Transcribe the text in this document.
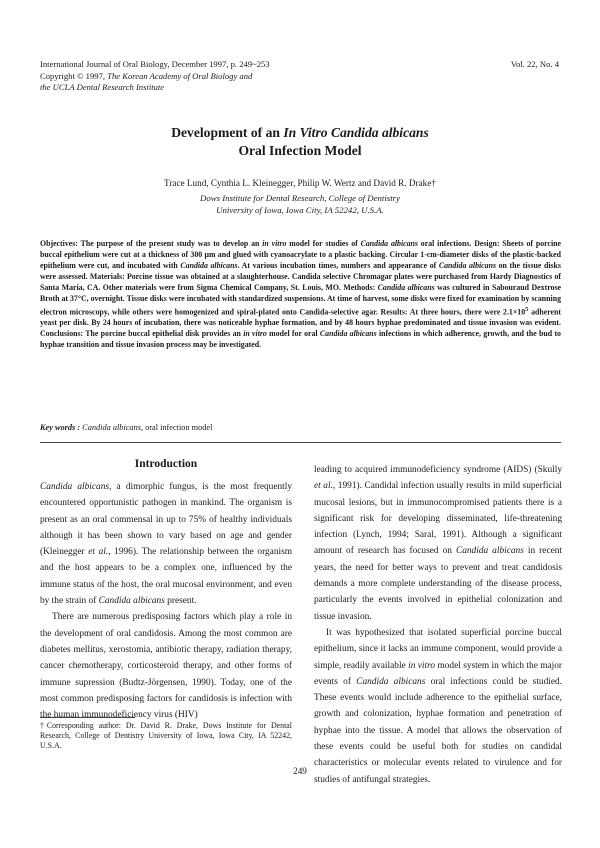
International Journal of Oral Biology, December 1997, p. 249~253
Copyright © 1997, The Korean Academy of Oral Biology and
the UCLA Dental Research Institute
Vol. 22, No. 4
Development of an In Vitro Candida albicans
Oral Infection Model
Trace Lund, Cynthia L. Kleinegger, Philip W. Wertz and David R. Drake†
Dows Institute for Dental Research, College of Dentistry
University of Iowa, Iowa City, IA 52242, U.S.A.
Objectives: The purpose of the present study was to develop an in vitro model for studies of Candida albicans oral infections. Design: Sheets of porcine buccal epithelium were cut at a thickness of 300 μm and glued with cyanoacrylate to a plastic backing. Circular 1-cm-diameter disks of the plastic-backed epithelium were cut, and incubated with Candida albicans. At various incubation times, numbers and appearance of Candida albicans on the tissue disks were assessed. Materials: Porcine tissue was obtained at a slaughterhouse. Candida selective Chromagar plates were purchased from Hardy Diagnostics of Santa Maria, CA. Other materials were from Sigma Chemical Company, St. Louis, MO. Methods: Candida albicans was cultured in Sabouraud Dextrose Broth at 37°C, overnight. Tissue disks were incubated with standardized suspensions. At time of harvest, some disks were fixed for examination by scanning electron microscopy, while others were homogenized and spiral-plated onto Candida-selective agar. Results: At three hours, there were $2.1\times 10^5$ adherent yeast per disk. By 24 hours of incubation, there was noticeable hyphae formation, and by 48 hours hyphae predominated and tissue invasion was evident. Conclusions: The porcine buccal epithelial disk provides an in vitro model for oral Candida albicans infections in which adherence, growth, and the bud to hyphae transition and tissue invasion process may be investigated.
Key words : Candida albicans, oral infection model
Introduction

Candida albicans, a dimorphic fungus, is the most frequently encountered opportunistic pathogen in mankind. The organism is present as an oral commensal in up to 75% of healthy individuals although it has been shown to vary based on age and gender (Kleinegger et al., 1996). The relationship between the organism and the host appears to be a complex one, influenced by the immune status of the host, the oral mucosal environment, and even by the strain of Candida albicans present.

There are numerous predisposing factors which play a role in the development of oral candidosis. Among the most common are diabetes mellitus, xerostomia, antibiotic therapy, radiation therapy, cancer chemotherapy, corticosteroid therapy, and other forms of immune supression (Budtz-Jörgensen, 1990). Today, one of the most common predisposing factors for candidosis is infection with the human immunodeficiency virus (HIV)

leading to acquired immunodeficiency syndrome (AIDS) (Skully et al., 1991). Candidal infection usually results in mild superficial mucosal lesions, but in immunocompromised patients there is a significant risk for developing disseminated, life-threatening infection (Lynch, 1994; Saral, 1991). Although a significant amount of research has focused on Candida albicans in recent years, the need for better ways to prevent and treat candidosis demands a more complete understanding of the disease process, particularly the events involved in epithelial colonization and tissue invasion.

It was hypothesized that isolated superficial porcine buccal epithelium, since it lacks an immune component, would provide a simple, readily available in vitro model system in which the major events of Candida albicans oral infections could be studied. These events would include adherence to the epithelial surface, growth and colonization, hyphae formation and penetration of hyphae into the tissue. A model that allows the observation of these events could be useful both for studies on candidal characteristics or molecular events related to virulence and for studies of antifungal strategies.

†Corresponding author: Dr. David R. Drake, Dows Institute for Dental Research, College of Dentistry University of Iowa, Iowa City, IA 52242, U.S.A.
249
